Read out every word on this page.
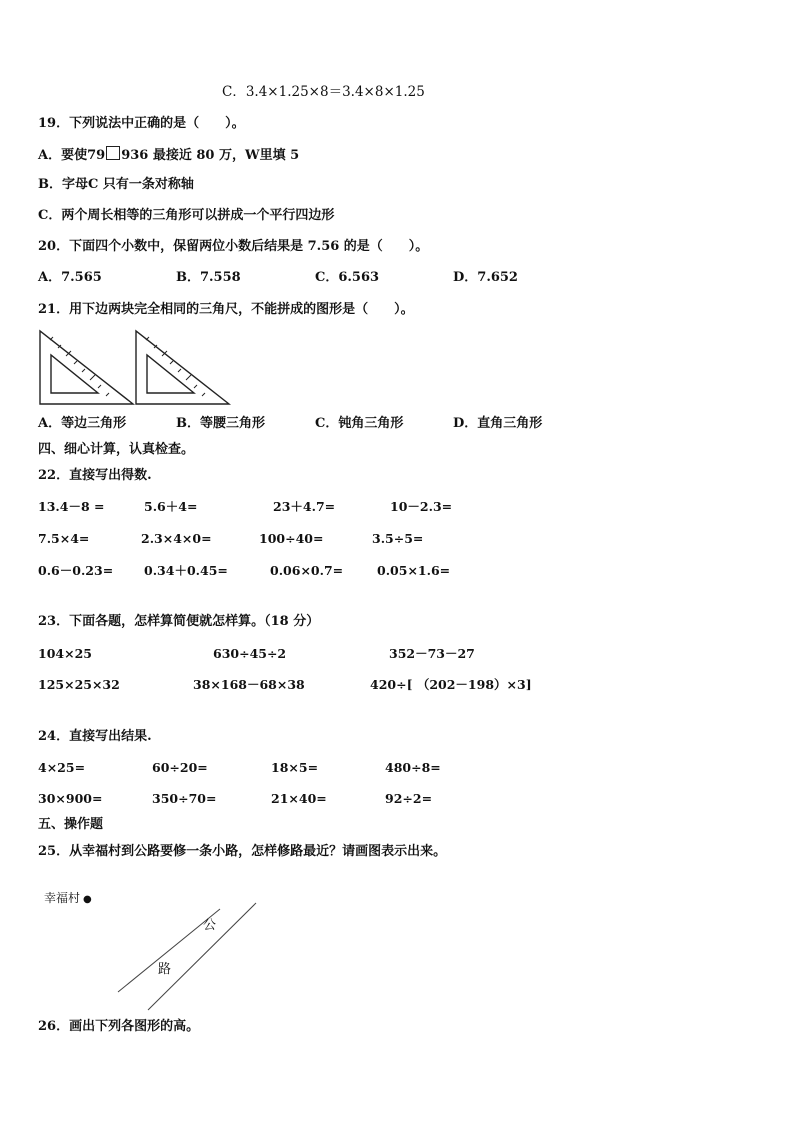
C．3.4×1.25×8＝3.4×8×1.25
19．下列说法中正确的是（　　）。
A．要使79 936 最接近 80 万，W里填 5
B．字母C 只有一条对称轴
C．两个周长相等的三角形可以拼成一个平行四边形
20．下面四个小数中，保留两位小数后结果是 7.56 的是（　　）。
A．7.565	B．7.558	C．6.563	D．7.652
21．用下边两块完全相同的三角尺，不能拼成的图形是（　　）。
A．等边三角形	B．等腰三角形	C．钝角三角形	D．直角三角形
四、细心计算，认真检查。
22．直接写出得数.
13.4－8 =	5.6＋4=	23＋4.7=	10－2.3=
7.5×4=	2.3×4×0=	100÷40=	3.5÷5=
0.6－0.23= 0.34＋0.45=	0.06×0.7=	0.05×1.6=
23．下面各题，怎样算简便就怎样算。（18 分）
104×25	630÷45÷2	352－73－27
125×25×32	38×168－68×38	420÷[ （202－198）×3]
24．直接写出结果.
4×25=	60÷20=	18×5=	480÷8=
30×900=	350÷70=	21×40=	92÷2=
五、操作题
25．从幸福村到公路要修一条小路，怎样修路最近？请画图表示出来。
幸福村 ●
公
路
26．画出下列各图形的高。
